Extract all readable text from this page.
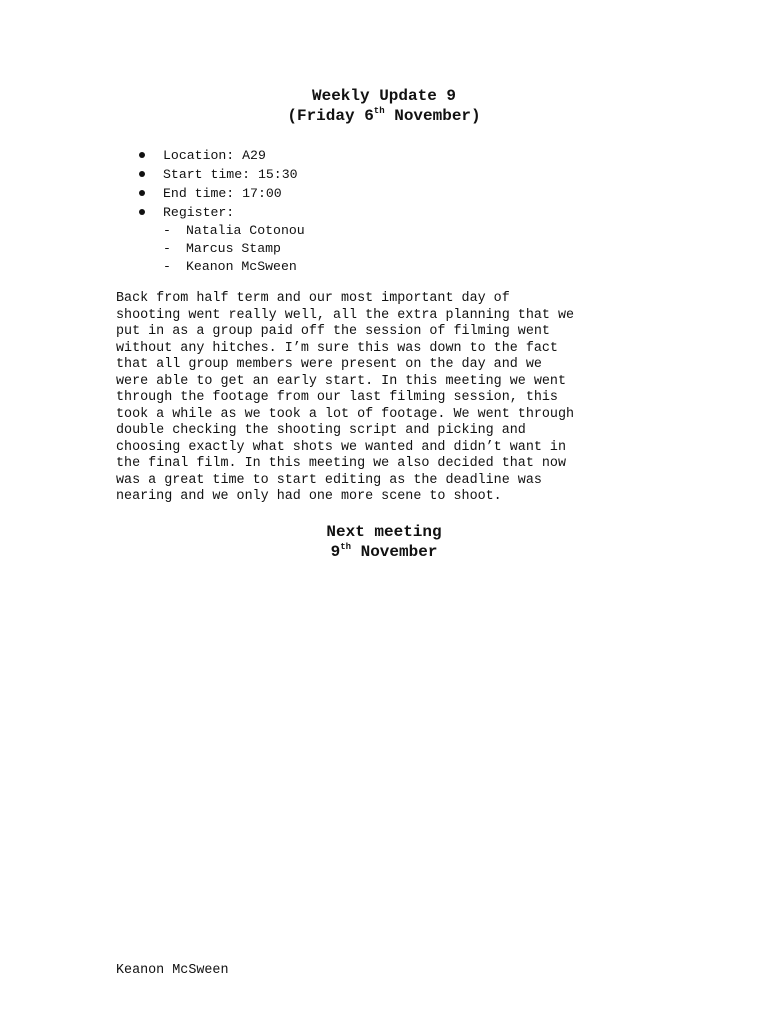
Weekly Update 9
(Friday 6th November)
Location: A29
Start time: 15:30
End time: 17:00
Register:
- Natalia Cotonou
- Marcus Stamp
- Keanon McSween

Back from half term and our most important day of
shooting went really well, all the extra planning that we
put in as a group paid off the session of filming went
without any hitches. I’m sure this was down to the fact
that all group members were present on the day and we
were able to get an early start. In this meeting we went
through the footage from our last filming session, this
took a while as we took a lot of footage. We went through
double checking the shooting script and picking and
choosing exactly what shots we wanted and didn’t want in
the final film. In this meeting we also decided that now
was a great time to start editing as the deadline was
nearing and we only had one more scene to shoot.

Next meeting
9th November
Keanon McSween
